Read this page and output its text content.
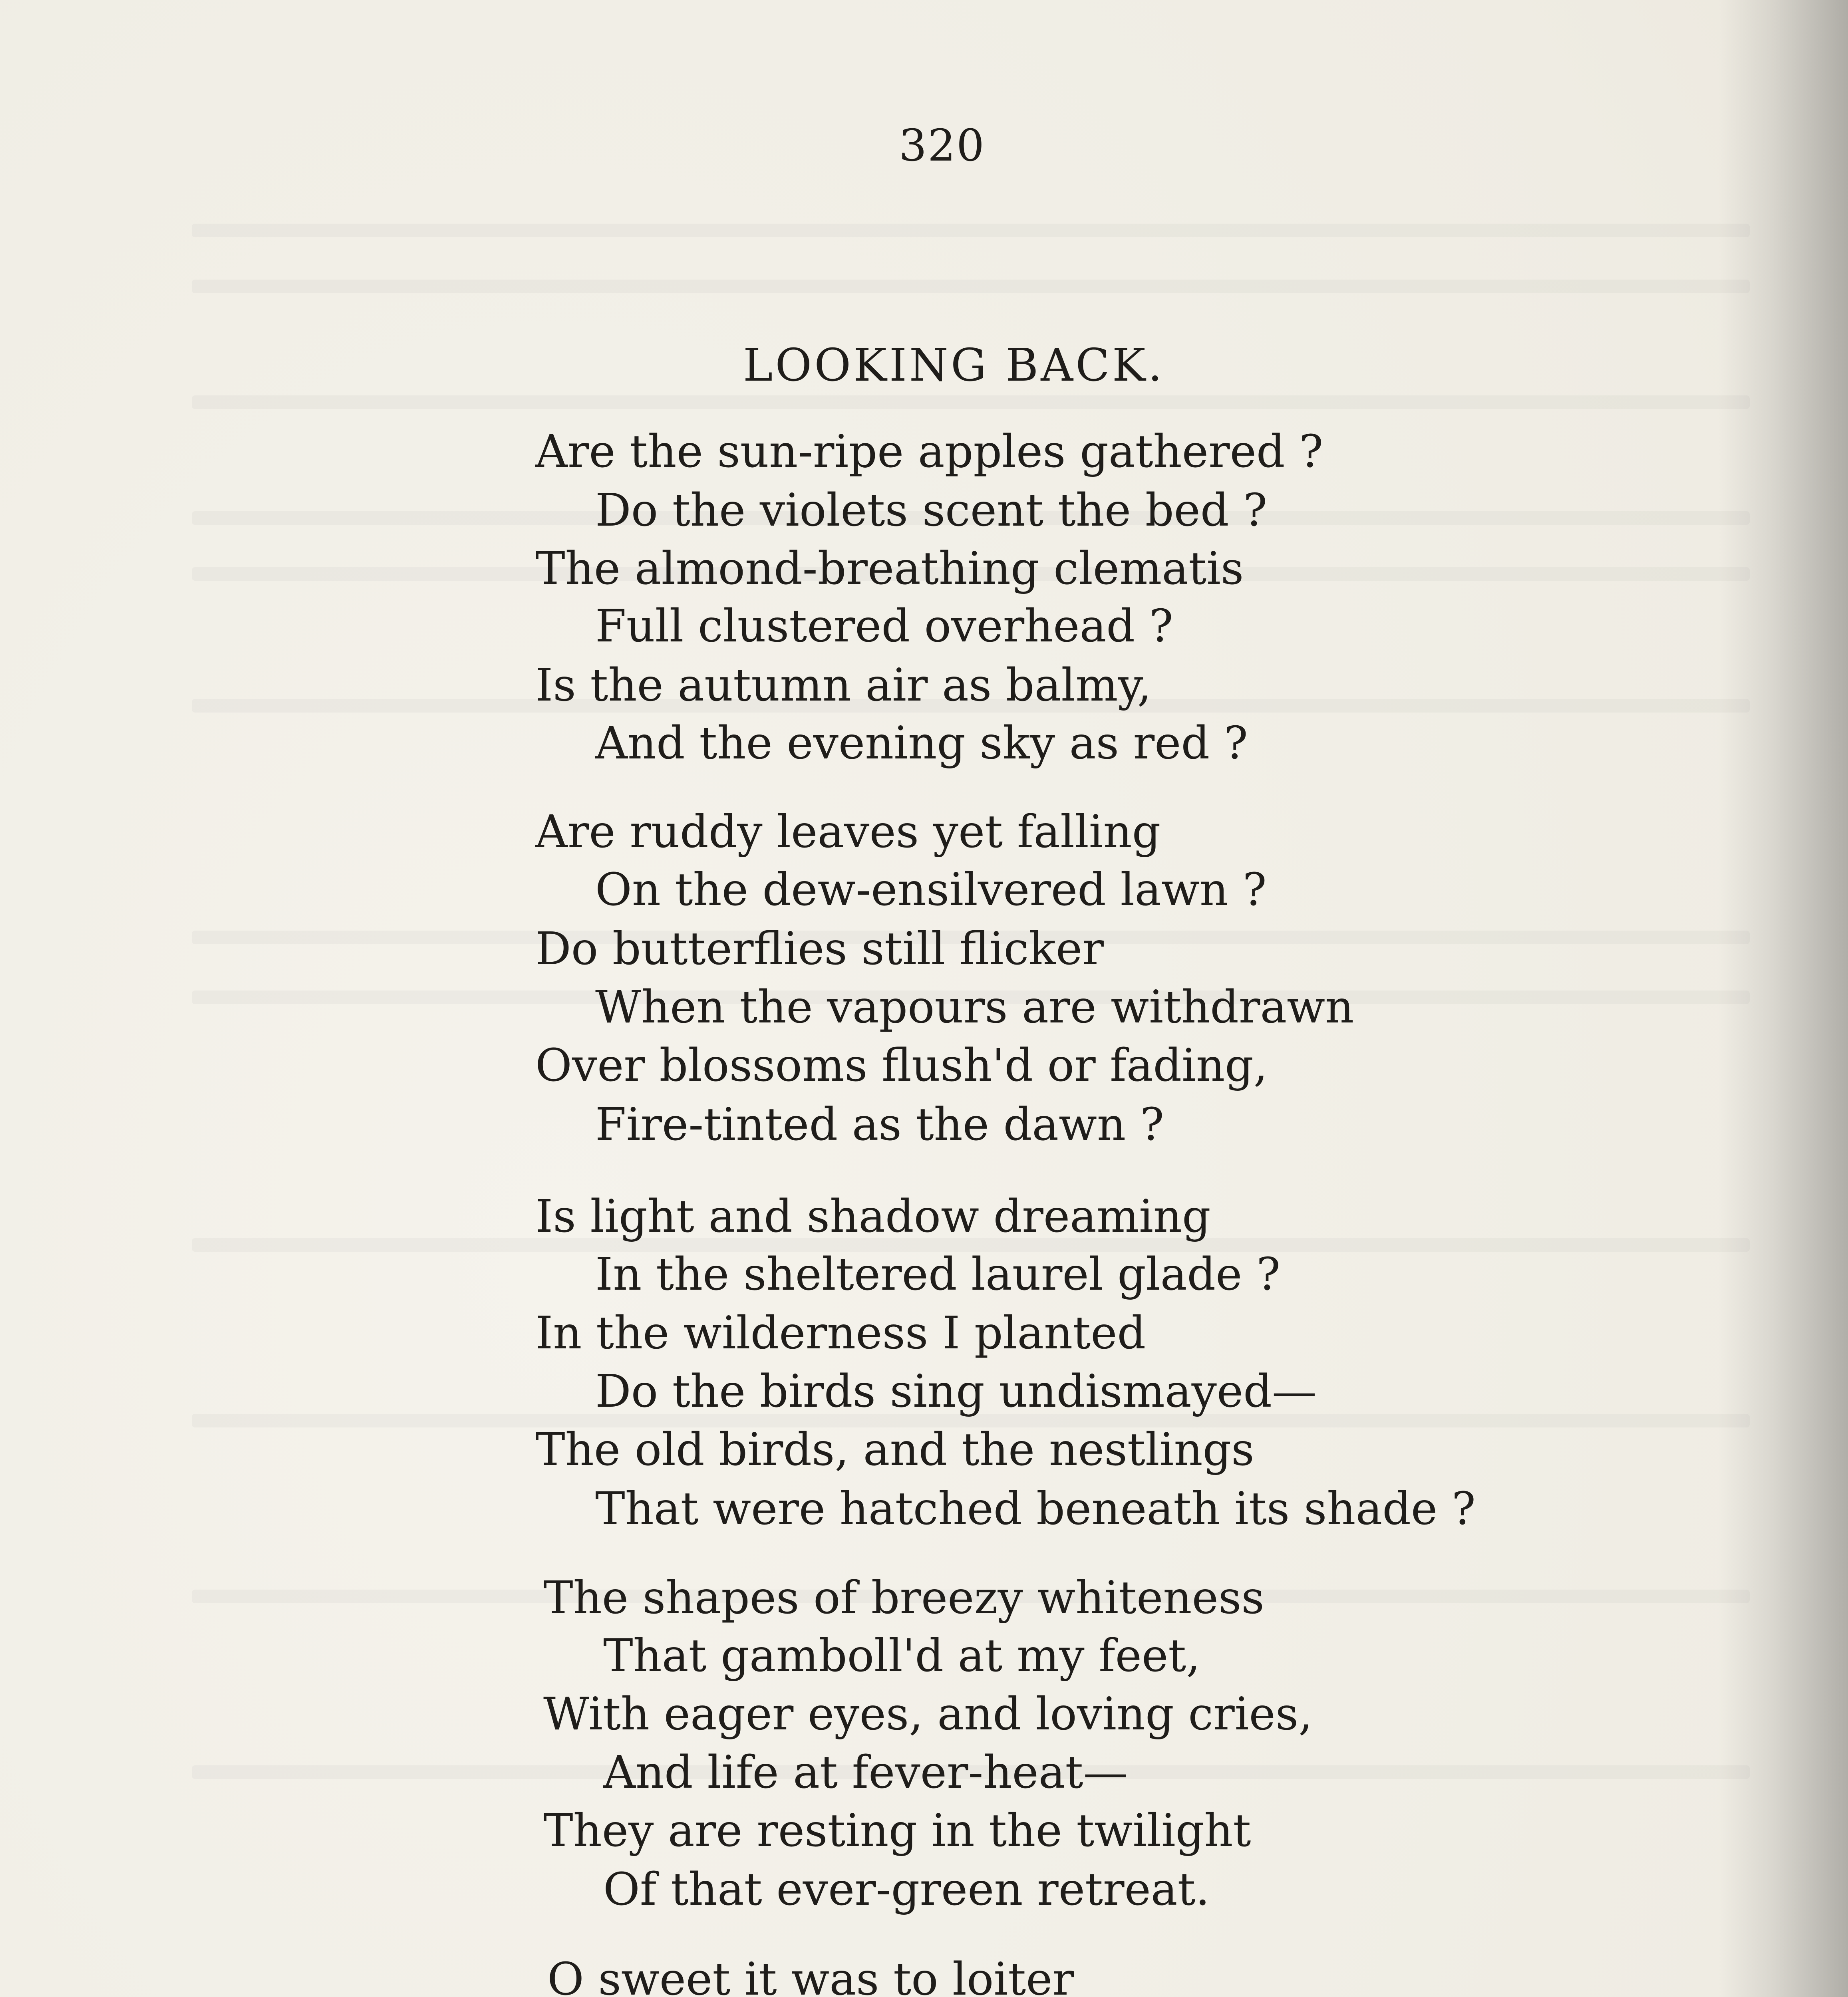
320
LOOKING BACK.
Are the sun-ripe apples gathered ?
Do the violets scent the bed ?
The almond-breathing clematis
Full clustered overhead ?
Is the autumn air as balmy,
And the evening sky as red ?
Are ruddy leaves yet falling
On the dew-ensilvered lawn ?
Do butterflies still flicker
When the vapours are withdrawn
Over blossoms flush'd or fading,
Fire-tinted as the dawn ?
Is light and shadow dreaming
In the sheltered laurel glade ?
In the wilderness I planted
Do the birds sing undismayed—
The old birds, and the nestlings
That were hatched beneath its shade ?
The shapes of breezy whiteness
That gamboll'd at my feet,
With eager eyes, and loving cries,
And life at fever-heat—
They are resting in the twilight
Of that ever-green retreat.
O sweet it was to loiter
